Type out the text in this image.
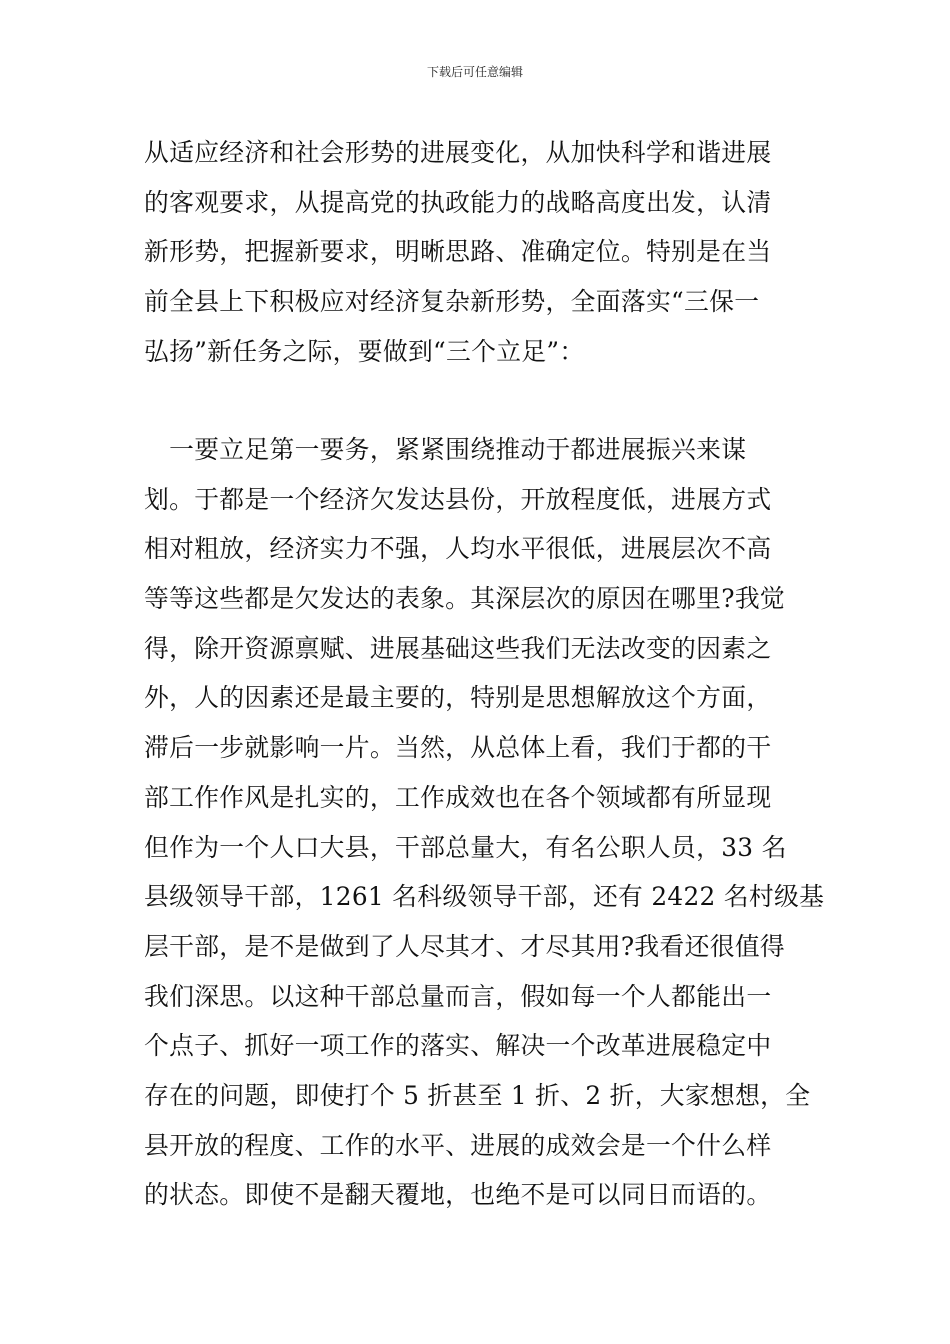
下载后可任意编辑
从适应经济和社会形势的进展变化，从加快科学和谐进展
的客观要求，从提高党的执政能力的战略高度出发，认清
新形势，把握新要求，明晰思路、准确定位。特别是在当
前全县上下积极应对经济复杂新形势，全面落实“三保一
弘扬”新任务之际，要做到“三个立足”：
　一要立足第一要务，紧紧围绕推动于都进展振兴来谋
划。于都是一个经济欠发达县份，开放程度低，进展方式
相对粗放，经济实力不强，人均水平很低，进展层次不高
等等这些都是欠发达的表象。其深层次的原因在哪里?我觉
得，除开资源禀赋、进展基础这些我们无法改变的因素之
外，人的因素还是最主要的，特别是思想解放这个方面，
滞后一步就影响一片。当然，从总体上看，我们于都的干
部工作作风是扎实的，工作成效也在各个领域都有所显现
但作为一个人口大县，干部总量大，有名公职人员，33 名
县级领导干部，1261 名科级领导干部，还有 2422 名村级基
层干部，是不是做到了人尽其才、才尽其用?我看还很值得
我们深思。以这种干部总量而言，假如每一个人都能出一
个点子、抓好一项工作的落实、解决一个改革进展稳定中
存在的问题，即使打个 5 折甚至 1 折、2 折，大家想想，全
县开放的程度、工作的水平、进展的成效会是一个什么样
的状态。即使不是翻天覆地，也绝不是可以同日而语的。
